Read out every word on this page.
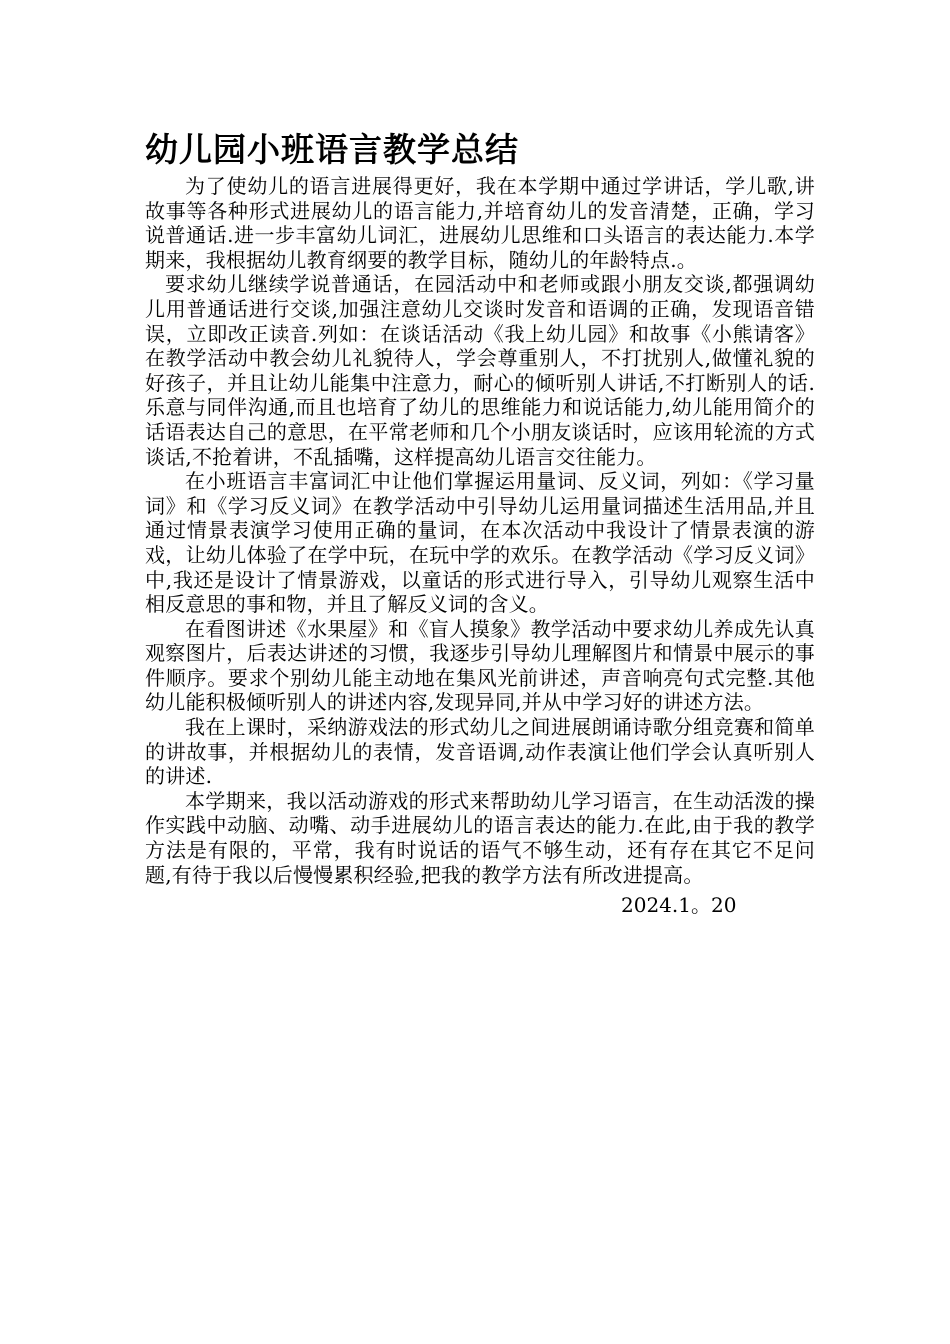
幼儿园小班语言教学总结

为了使幼儿的语言进展得更好，我在本学期中通过学讲话，学儿歌,讲故事等各种形式进展幼儿的语言能力,并培育幼儿的发音清楚，正确，学习说普通话.进一步丰富幼儿词汇，进展幼儿思维和口头语言的表达能力.本学期来，我根据幼儿教育纲要的教学目标，随幼儿的年龄特点.。

要求幼儿继续学说普通话，在园活动中和老师或跟小朋友交谈,都强调幼儿用普通话进行交谈,加强注意幼儿交谈时发音和语调的正确，发现语音错误，立即改正读音.列如：在谈话活动《我上幼儿园》和故事《小熊请客》在教学活动中教会幼儿礼貌待人，学会尊重别人，不打扰别人,做懂礼貌的好孩子，并且让幼儿能集中注意力，耐心的倾听别人讲话,不打断别人的话.乐意与同伴沟通,而且也培育了幼儿的思维能力和说话能力,幼儿能用简介的话语表达自己的意思，在平常老师和几个小朋友谈话时，应该用轮流的方式谈话,不抢着讲，不乱插嘴，这样提高幼儿语言交往能力。

在小班语言丰富词汇中让他们掌握运用量词、反义词，列如：《学习量词》和《学习反义词》在教学活动中引导幼儿运用量词描述生活用品,并且通过情景表演学习使用正确的量词，在本次活动中我设计了情景表演的游戏，让幼儿体验了在学中玩，在玩中学的欢乐。在教学活动《学习反义词》中,我还是设计了情景游戏，以童话的形式进行导入，引导幼儿观察生活中相反意思的事和物，并且了解反义词的含义。

在看图讲述《水果屋》和《盲人摸象》教学活动中要求幼儿养成先认真观察图片，后表达讲述的习惯，我逐步引导幼儿理解图片和情景中展示的事件顺序。要求个别幼儿能主动地在集风光前讲述，声音响亮句式完整.其他幼儿能积极倾听别人的讲述内容,发现异同,并从中学习好的讲述方法。

我在上课时，采纳游戏法的形式幼儿之间进展朗诵诗歌分组竞赛和简单的讲故事，并根据幼儿的表情，发音语调,动作表演让他们学会认真听别人的讲述.

本学期来，我以活动游戏的形式来帮助幼儿学习语言，在生动活泼的操作实践中动脑、动嘴、动手进展幼儿的语言表达的能力.在此,由于我的教学方法是有限的，平常，我有时说话的语气不够生动，还有存在其它不足问题,有待于我以后慢慢累积经验,把我的教学方法有所改进提高。

2024.1。20
